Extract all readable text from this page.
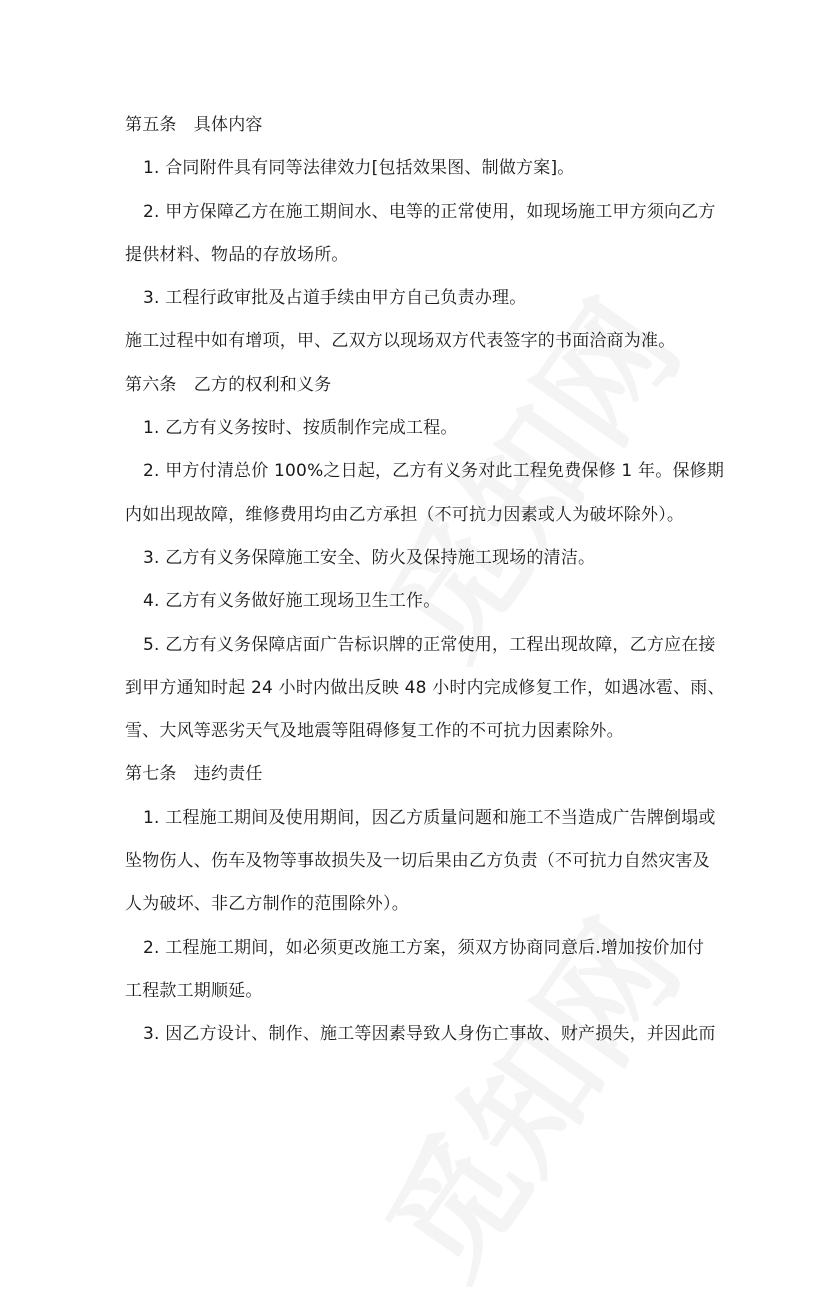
第五条　具体内容
1. 合同附件具有同等法律效力[包括效果图、制做方案]。
2. 甲方保障乙方在施工期间水、电等的正常使用，如现场施工甲方须向乙方
提供材料、物品的存放场所。
3. 工程行政审批及占道手续由甲方自己负责办理。
施工过程中如有增项，甲、乙双方以现场双方代表签字的书面洽商为准。
第六条　乙方的权利和义务
1. 乙方有义务按时、按质制作完成工程。
2. 甲方付清总价 100%之日起，乙方有义务对此工程免费保修 1 年。保修期
内如出现故障，维修费用均由乙方承担（不可抗力因素或人为破坏除外）。
3. 乙方有义务保障施工安全、防火及保持施工现场的清洁。
4. 乙方有义务做好施工现场卫生工作。
5. 乙方有义务保障店面广告标识牌的正常使用，工程出现故障，乙方应在接
到甲方通知时起 24 小时内做出反映 48 小时内完成修复工作，如遇冰雹、雨、
雪、大风等恶劣天气及地震等阻碍修复工作的不可抗力因素除外。
第七条　违约责任
1. 工程施工期间及使用期间，因乙方质量问题和施工不当造成广告牌倒塌或
坠物伤人、伤车及物等事故损失及一切后果由乙方负责（不可抗力自然灾害及
人为破坏、非乙方制作的范围除外）。
2. 工程施工期间，如必须更改施工方案，须双方协商同意后.增加按价加付
工程款工期顺延。
3. 因乙方设计、制作、施工等因素导致人身伤亡事故、财产损失，并因此而
